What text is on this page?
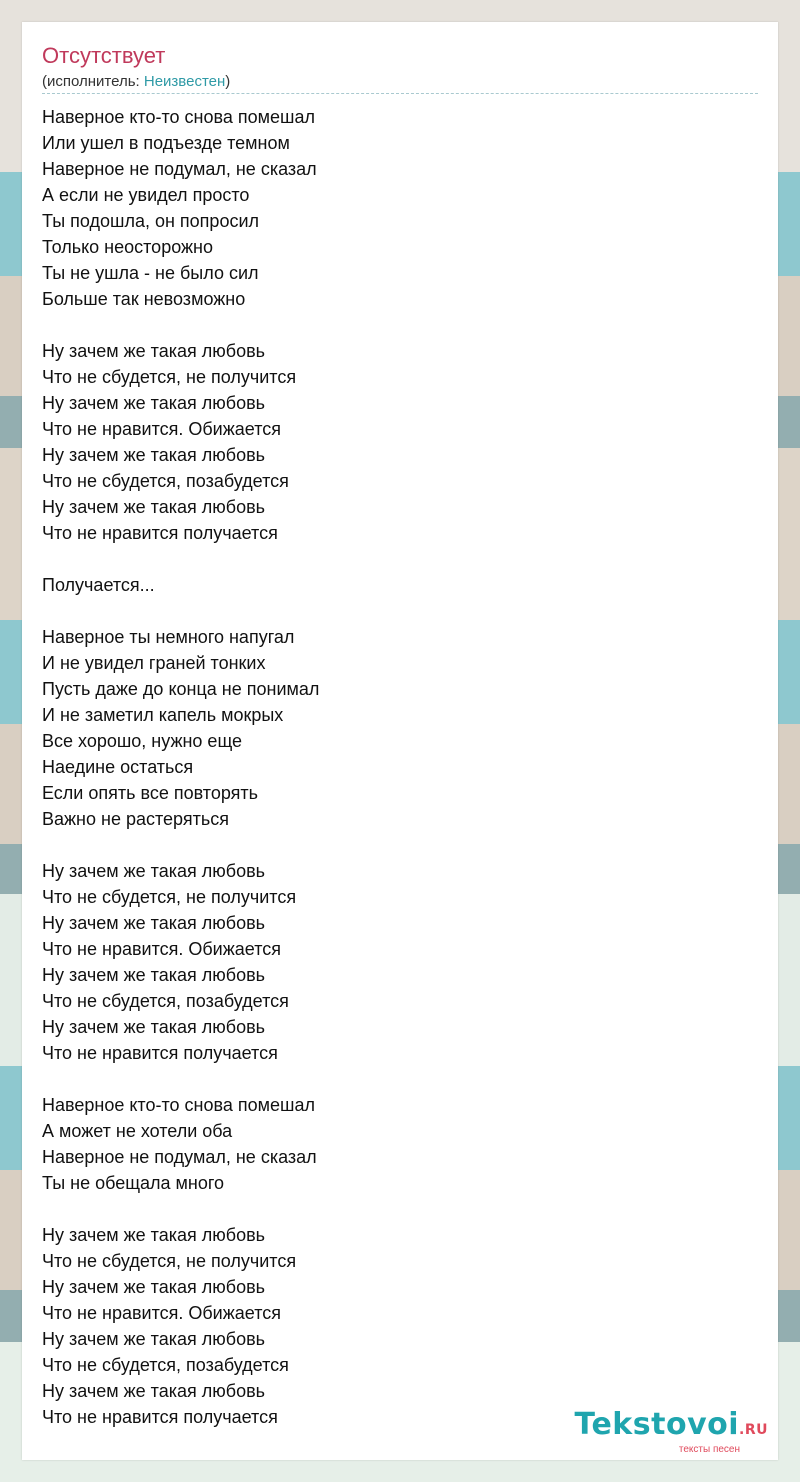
Отсутствует
(исполнитель: Неизвестен)
Наверное кто-то снова помешал
Или ушел в подъезде темном
Наверное не подумал, не сказал
А если не увидел просто
Ты подошла, он попросил
Только неосторожно
Ты не ушла - не было сил
Больше так невозможно

Ну зачем же такая любовь
Что не сбудется, не получится
Ну зачем же такая любовь
Что не нравится. Обижается
Ну зачем же такая любовь
Что не сбудется, позабудется
Ну зачем же такая любовь
Что не нравится получается

Получается...

Наверное ты немного напугал
И не увидел граней тонких
Пусть даже до конца не понимал
И не заметил капель мокрых
Все хорошо, нужно еще
Наедине остаться
Если опять все повторять
Важно не растеряться

Ну зачем же такая любовь
Что не сбудется, не получится
Ну зачем же такая любовь
Что не нравится. Обижается
Ну зачем же такая любовь
Что не сбудется, позабудется
Ну зачем же такая любовь
Что не нравится получается

Наверное кто-то снова помешал
А может не хотели оба
Наверное не подумал, не сказал
Ты не обещала много

Ну зачем же такая любовь
Что не сбудется, не получится
Ну зачем же такая любовь
Что не нравится. Обижается
Ну зачем же такая любовь
Что не сбудется, позабудется
Ну зачем же такая любовь
Что не нравится получается	Tekstovoi.RU
тексты песен
